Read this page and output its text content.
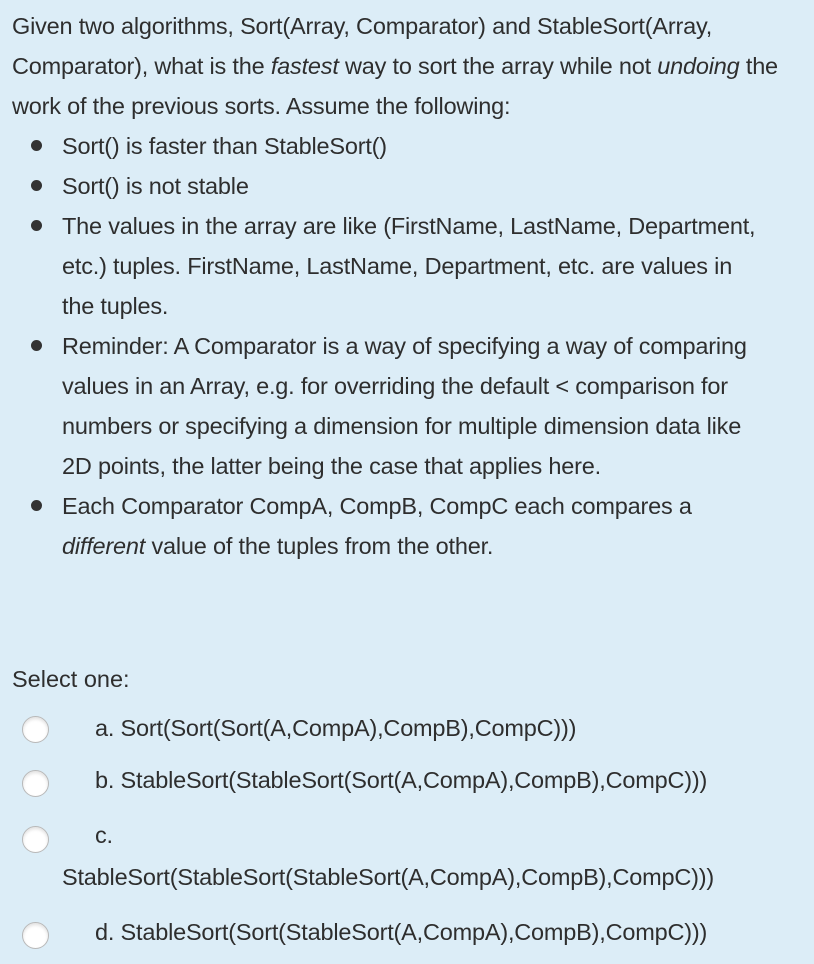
Given two algorithms, Sort(Array, Comparator) and StableSort(Array, Comparator), what is the fastest way to sort the array while not undoing the work of the previous sorts. Assume the following:

Sort() is faster than StableSort()
Sort() is not stable
The values in the array are like (FirstName, LastName, Department, etc.) tuples. FirstName, LastName, Department, etc. are values in the tuples.
Reminder: A Comparator is a way of specifying a way of comparing values in an Array, e.g. for overriding the default < comparison for numbers or specifying a dimension for multiple dimension data like 2D points, the latter being the case that applies here.
Each Comparator CompA, CompB, CompC each compares a different value of the tuples from the other.
Select one:
a. Sort(Sort(Sort(A,CompA),CompB),CompC)))
b. StableSort(StableSort(Sort(A,CompA),CompB),CompC)))
c.
StableSort(StableSort(StableSort(A,CompA),CompB),CompC)))
d. StableSort(Sort(StableSort(A,CompA),CompB),CompC)))
